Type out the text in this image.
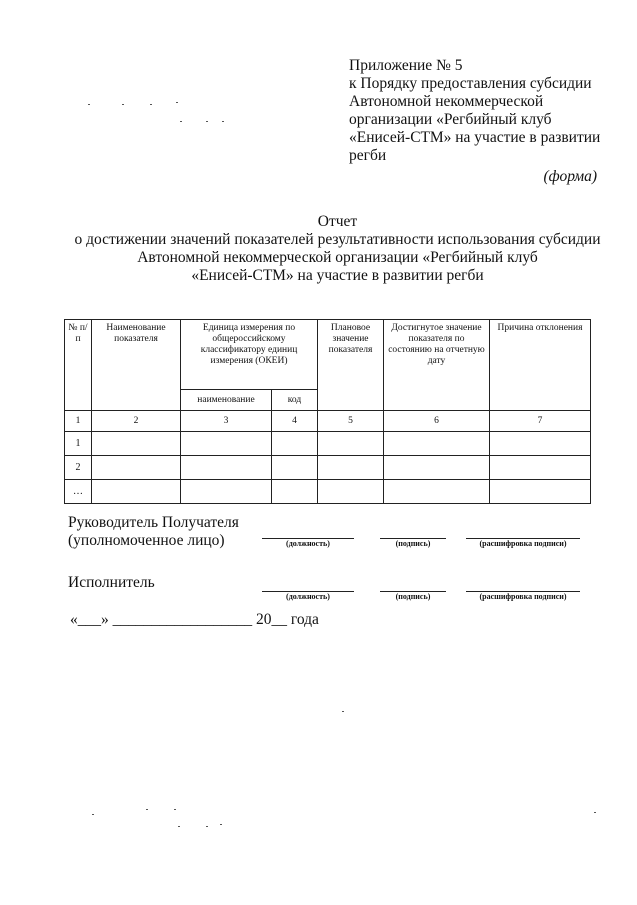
Приложение № 5
к Порядку предоставления субсидии
Автономной некоммерческой
организации «Регбийный клуб
«Енисей-СТМ» на участие в развитии
регби
(форма)
Отчет
о достижении значений показателей результативности использования субсидии
Автономной некоммерческой организации «Регбийный клуб
«Енисей-СТМ» на участие в развитии регби
№ п/п	Наименование показателя	Единица измерения по общероссийскому классификатору единиц измерения (ОКЕИ)		Плановое значение показателя	Достигнутое значение показателя по состоянию на отчетную дату	Причина отклонения
		наименование	код			
1	2	3	4	5	6	7
1						
2						
…						
Руководитель Получателя
(уполномоченное лицо)	(должность)	(подпись)	(расшифровка подписи)
Исполнитель
(должность)	(подпись)	(расшифровка подписи)
«___» __________________ 20__ года
